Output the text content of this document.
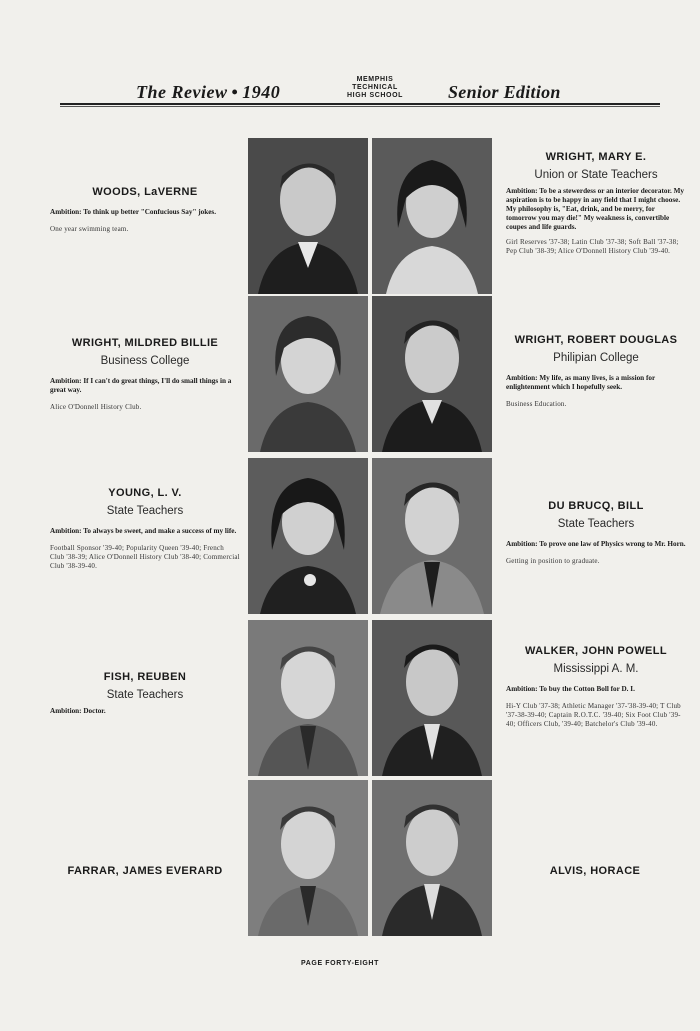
The Review • 1940
MEMPHIS
TECHNICAL
HIGH SCHOOL	Senior Edition
WOODS, LaVERNE
Ambition: To think up better "Confucious Say" jokes.
One year swimming team.
WRIGHT, MARY E.
Union or State Teachers
Ambition: To be a stewerdess or an interior decorator. My aspiration is to be happy in any field that I might choose. My philosophy is, "Eat, drink, and be merry, for tomorrow you may die!" My weakness is, convertible coupes and life guards.
Girl Reserves '37-38; Latin Club '37-38; Soft Ball '37-38; Pep Club '38-39; Alice O'Donnell History Club '39-40.
WRIGHT, MILDRED BILLIE
Business College
Ambition: If I can't do great things, I'll do small things in a great way.
Alice O'Donnell History Club.
WRIGHT, ROBERT DOUGLAS
Philipian College
Ambition: My life, as many lives, is a mission for enlightenment which I hopefully seek.
Business Education.
YOUNG, L. V.
State Teachers
Ambition: To always be sweet, and make a success of my life.
Football Sponsor '39-40; Popularity Queen '39-40; French Club '38-39; Alice O'Donnell History Club '38-40; Commercial Club '38-39-40.
DU BRUCQ, BILL
State Teachers
Ambition: To prove one law of Physics wrong to Mr. Horn.
Getting in position to graduate.
FISH, REUBEN
State Teachers
Ambition: Doctor.
WALKER, JOHN POWELL
Mississippi A. M.
Ambition: To buy the Cotton Boll for D. I.
Hi-Y Club '37-38; Athletic Manager '37-'38-39-40; T Club '37-38-39-40; Captain R.O.T.C. '39-40; Six Foot Club '39-40; Officers Club, '39-40; Batchelor's Club '39-40.
FARRAR, JAMES EVERARD	ALVIS, HORACE
PAGE FORTY-EIGHT
